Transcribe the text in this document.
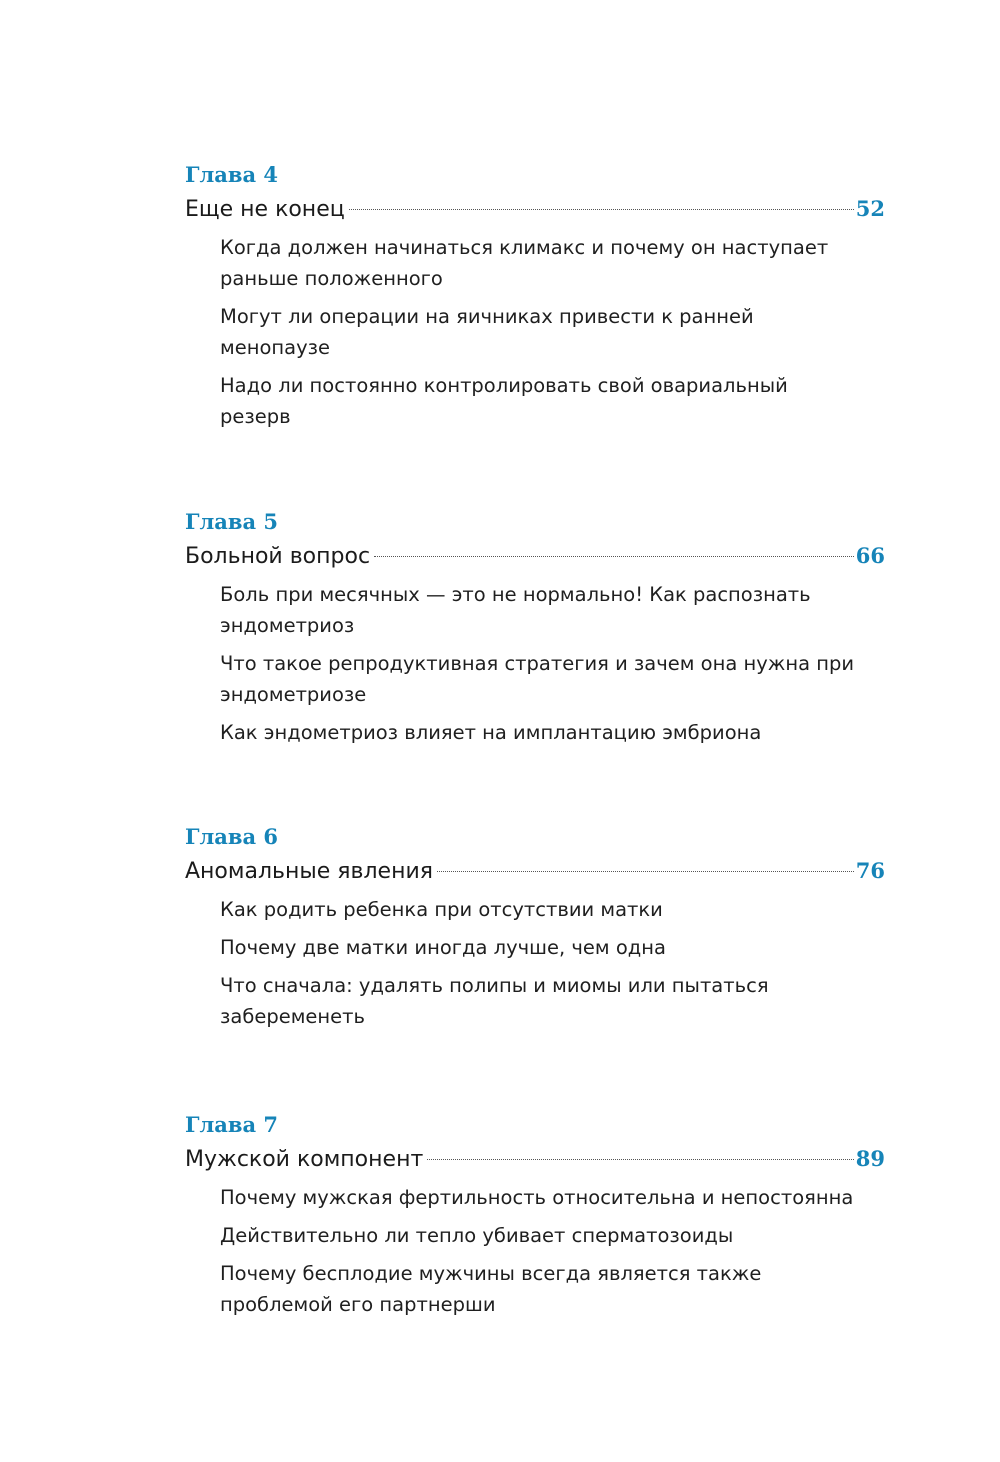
Глава 4
Еще не конец	52
Когда должен начинаться климакс и почему он наступает раньше положенного
Могут ли операции на яичниках привести к ранней менопаузе
Надо ли постоянно контролировать свой овариальный резерв
Глава 5
Больной вопрос	66
Боль при месячных — это не нормально! Как распознать эндометриоз
Что такое репродуктивная стратегия и зачем она нужна при эндометриозе
Как эндометриоз влияет на имплантацию эмбриона
Глава 6
Аномальные явления	76
Как родить ребенка при отсутствии матки
Почему две матки иногда лучше, чем одна
Что сначала: удалять полипы и миомы или пытаться забеременеть
Глава 7
Мужской компонент	89
Почему мужская фертильность относительна и непостоянна
Действительно ли тепло убивает сперматозоиды
Почему бесплодие мужчины всегда является также проблемой его партнерши
